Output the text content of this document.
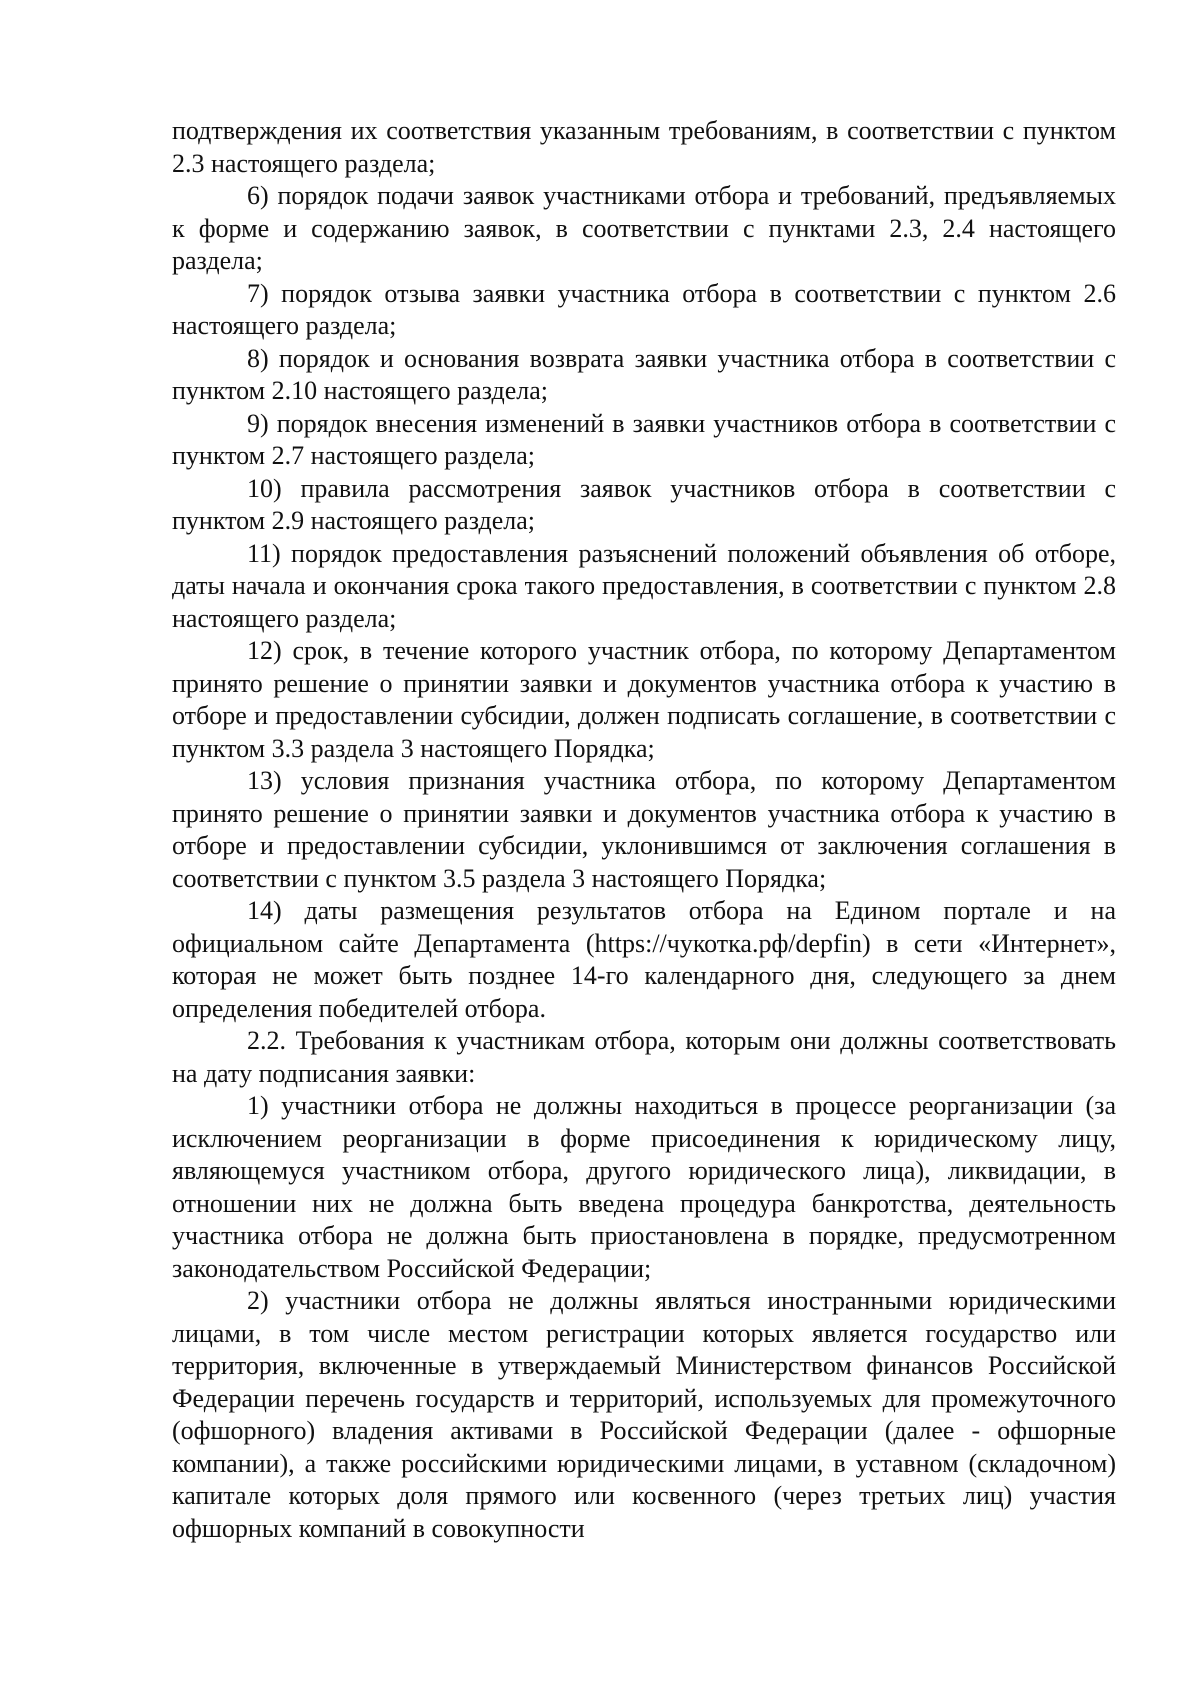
подтверждения их соответствия указанным требованиям, в соответствии с пунктом 2.3 настоящего раздела;

6) порядок подачи заявок участниками отбора и требований, предъявляемых к форме и содержанию заявок, в соответствии с пунктами 2.3, 2.4 настоящего раздела;

7) порядок отзыва заявки участника отбора в соответствии с пунктом 2.6 настоящего раздела;

8) порядок и основания возврата заявки участника отбора в соответствии с пунктом 2.10 настоящего раздела;

9) порядок внесения изменений в заявки участников отбора в соответствии с пунктом 2.7 настоящего раздела;

10) правила рассмотрения заявок участников отбора в соответствии с пунктом 2.9 настоящего раздела;

11) порядок предоставления разъяснений положений объявления об отборе, даты начала и окончания срока такого предоставления, в соответствии с пунктом 2.8 настоящего раздела;

12) срок, в течение которого участник отбора, по которому Департаментом принято решение о принятии заявки и документов участника отбора к участию в отборе и предоставлении субсидии, должен подписать соглашение, в соответствии с пунктом 3.3 раздела 3 настоящего Порядка;

13) условия признания участника отбора, по которому Департаментом принято решение о принятии заявки и документов участника отбора к участию в отборе и предоставлении субсидии, уклонившимся от заключения соглашения в соответствии с пунктом 3.5 раздела 3 настоящего Порядка;

14) даты размещения результатов отбора на Едином портале и на официальном сайте Департамента (https://чукотка.рф/depfin) в сети «Интернет», которая не может быть позднее 14-го календарного дня, следующего за днем определения победителей отбора.

2.2. Требования к участникам отбора, которым они должны соответствовать на дату подписания заявки:

1) участники отбора не должны находиться в процессе реорганизации (за исключением реорганизации в форме присоединения к юридическому лицу, являющемуся участником отбора, другого юридического лица), ликвидации, в отношении них не должна быть введена процедура банкротства, деятельность участника отбора не должна быть приостановлена в порядке, предусмотренном законодательством Российской Федерации;

2) участники отбора не должны являться иностранными юридическими лицами, в том числе местом регистрации которых является государство или территория, включенные в утверждаемый Министерством финансов Российской Федерации перечень государств и территорий, используемых для промежуточного (офшорного) владения активами в Российской Федерации (далее - офшорные компании), а также российскими юридическими лицами, в уставном (складочном) капитале которых доля прямого или косвенного (через третьих лиц) участия офшорных компаний в совокупности
